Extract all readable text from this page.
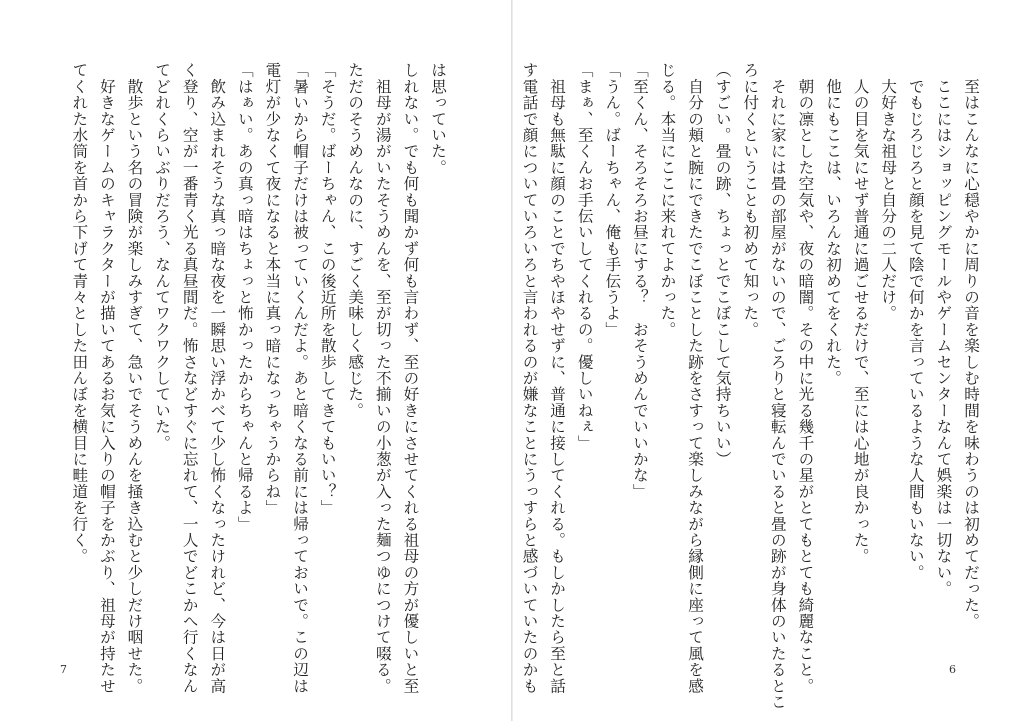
は思っていた。
しれない。でも何も聞かず何も言わず、至の好きにさせてくれる祖母の方が優しいと至
　祖母が湯がいたそうめんを、至が切った不揃いの小葱が入った麺つゆにつけて啜る。
ただのそうめんなのに、すごく美味しく感じた。
「そうだ。ばーちゃん、この後近所を散歩してきてもいい？」
「暑いから帽子だけは被っていくんだよ。あと暗くなる前には帰っておいで。この辺は
電灯が少なくて夜になると本当に真っ暗になっちゃうからね」
「はぁい。あの真っ暗はちょっと怖かったからちゃんと帰るよ」
　飲み込まれそうな真っ暗な夜を一瞬思い浮かべて少し怖くなったけれど、今は日が高
く登り、空が一番青く光る真昼間だ。怖さなどすぐに忘れて、一人でどこかへ行くなん
てどれくらいぶりだろう、なんてワクワクしていた。
　散歩という名の冒険が楽しみすぎて、急いでそうめんを掻き込むと少しだけ咽せた。
　好きなゲームのキャラクターが描いてあるお気に入りの帽子をかぶり、祖母が持たせ
てくれた水筒を首から下げて青々とした田んぼを横目に畦道を行く。
7
　至はこんなに心穏やかに周りの音を楽しむ時間を味わうのは初めてだった。
　ここにはショッピングモールやゲームセンターなんて娯楽は一切ない。
　でもじろじろと顔を見て陰で何かを言っているような人間もいない。
　大好きな祖母と自分の二人だけ。
　人の目を気にせず普通に過ごせるだけで、至には心地が良かった。
　他にもここは、いろんな初めてをくれた。
　朝の凛とした空気や、夜の暗闇。その中に光る幾千の星がとてもとても綺麗なこと。
　それに家には畳の部屋がないので、ごろりと寝転んでいると畳の跡が身体のいたるとこ
ろに付くということも初めて知った。
（すごい。畳の跡、ちょっとでこぼこして気持ちいい）
　自分の頬と腕にできたでこぼことした跡をさすって楽しみながら縁側に座って風を感
じる。本当にここに来れてよかった。
「至くん、そろそろお昼にする？　おそうめんでいいかな」
「うん。ばーちゃん、俺も手伝うよ」
「まぁ、至くんお手伝いしてくれるの。優しいねぇ」
　祖母も無駄に顔のことでちやほやせずに、普通に接してくれる。もしかしたら至と話
す電話で顔についていろいろと言われるのが嫌なことにうっすらと感づいていたのかも	6
